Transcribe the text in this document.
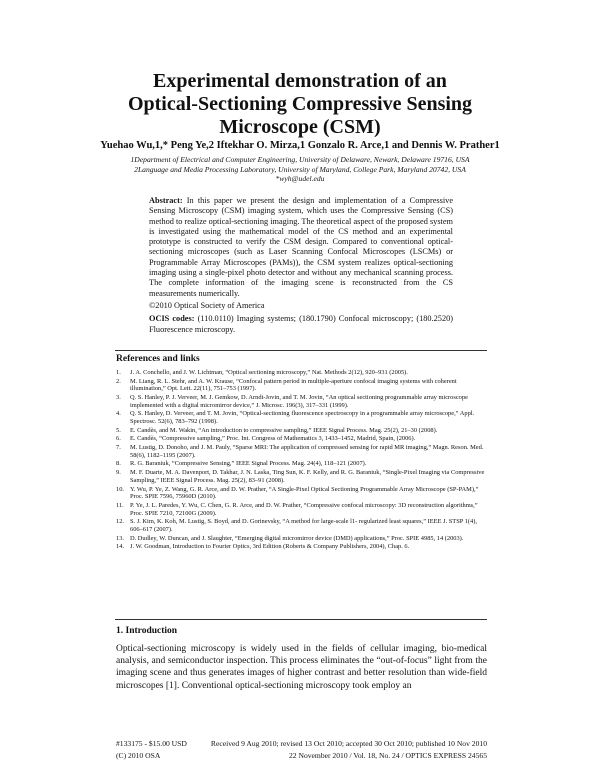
Experimental demonstration of an
Optical-Sectioning Compressive Sensing
Microscope (CSM)
Yuehao Wu,1,* Peng Ye,2 Iftekhar O. Mirza,1 Gonzalo R. Arce,1 and Dennis W. Prather1
1Department of Electrical and Computer Engineering, University of Delaware, Newark, Delaware 19716, USA
2Language and Media Processing Laboratory, University of Maryland, College Park, Maryland 20742, USA
*wyh@udel.edu

Abstract: In this paper we present the design and implementation of a Compressive Sensing Microscopy (CSM) imaging system, which uses the Compressive Sensing (CS) method to realize optical-sectioning imaging. The theoretical aspect of the proposed system is investigated using the mathematical model of the CS method and an experimental prototype is constructed to verify the CSM design. Compared to conventional optical-sectioning microscopes (such as Laser Scanning Confocal Microscopes (LSCMs) or Programmable Array Microscopes (PAMs)), the CSM system realizes optical-sectioning imaging using a single-pixel photo detector and without any mechanical scanning process. The complete information of the imaging scene is reconstructed from the CS measurements numerically.

©2010 Optical Society of America

OCIS codes: (110.0110) Imaging systems; (180.1790) Confocal microscopy; (180.2520) Fluorescence microscopy.

References and links
1. J. A. Conchello, and J. W. Lichtman, “Optical sectioning microscopy,” Nat. Methods 2(12), 920–931 (2005).
2. M. Liang, R. L. Stehr, and A. W. Krause, “Confocal pattern period in multiple-aperture confocal imaging systems with coherent illumination,” Opt. Lett. 22(11), 751–753 (1997).
3. Q. S. Hanley, P. J. Verveer, M. J. Gemkow, D. Arndt-Jovin, and T. M. Jovin, “An optical sectioning programmable array microscope implemented with a digital micromirror device,” J. Microsc. 196(3), 317–331 (1999).
4. Q. S. Hanley, D. Verveer, and T. M. Jovin, “Optical-sectioning fluorescence spectroscopy in a programmable array microscope,” Appl. Spectrosc. 52(6), 783–792 (1998).
5. E. Candès, and M. Wakin, “An introduction to compressive sampling,” IEEE Signal Process. Mag. 25(2), 21–30 (2008).
6. E. Candès, “Compressive sampling,” Proc. Int. Congress of Mathematics 3, 1433–1452, Madrid, Spain, (2006).
7. M. Lustig, D. Donoho, and J. M. Pauly, “Sparse MRI: The application of compressed sensing for rapid MR imaging,” Magn. Reson. Med. 58(6), 1182–1195 (2007).
8. R. G. Baraniuk, “Compressive Sensing,” IEEE Signal Process. Mag. 24(4), 118–121 (2007).
9. M. F. Duarte, M. A. Davenport, D. Takhar, J. N. Laska, Ting Sun, K. F. Kelly, and R. G. Baraniuk, “Single-Pixel Imaging via Compressive Sampling,” IEEE Signal Process. Mag. 25(2), 83–91 (2008).
10. Y. Wu, P. Ye, Z. Wang, G. R. Arce, and D. W. Prather, “A Single-Pixel Optical Sectioning Programmable Array Microscope (SP-PAM),” Proc. SPIE 7596, 75960D (2010).
11. P. Ye, J. L. Paredes, Y. Wu, C. Chen, G. R. Arce, and D. W. Prather, “Compressive confocal microscopy: 3D reconstruction algorithms,” Proc. SPIE 7210, 72100G (2009).
12. S. J. Kim, K. Koh, M. Lustig, S. Boyd, and D. Gorinevsky, “A method for large-scale l1- regularized least squares,” IEEE J. STSP 1(4), 606–617 (2007).
13. D. Dudley, W. Duncan, and J. Slaughter, “Emerging digital micromirror device (DMD) applications,” Proc. SPIE 4985, 14 (2003).
14. J. W. Goodman, Introduction to Fourier Optics, 3rd Edition (Roberts & Company Publishers, 2004), Chap. 6.
1. Introduction

Optical-sectioning microscopy is widely used in the fields of cellular imaging, bio-medical analysis, and semiconductor inspection. This process eliminates the “out-of-focus” light from the imaging scene and thus generates images of higher contrast and better resolution than wide-field microscopes [1]. Conventional optical-sectioning microscopy took employ an

#133175 - $15.00 USD	Received 9 Aug 2010; revised 13 Oct 2010; accepted 30 Oct 2010; published 10 Nov 2010
(C) 2010 OSA	22 November 2010 / Vol. 18, No. 24 / OPTICS EXPRESS 24565
